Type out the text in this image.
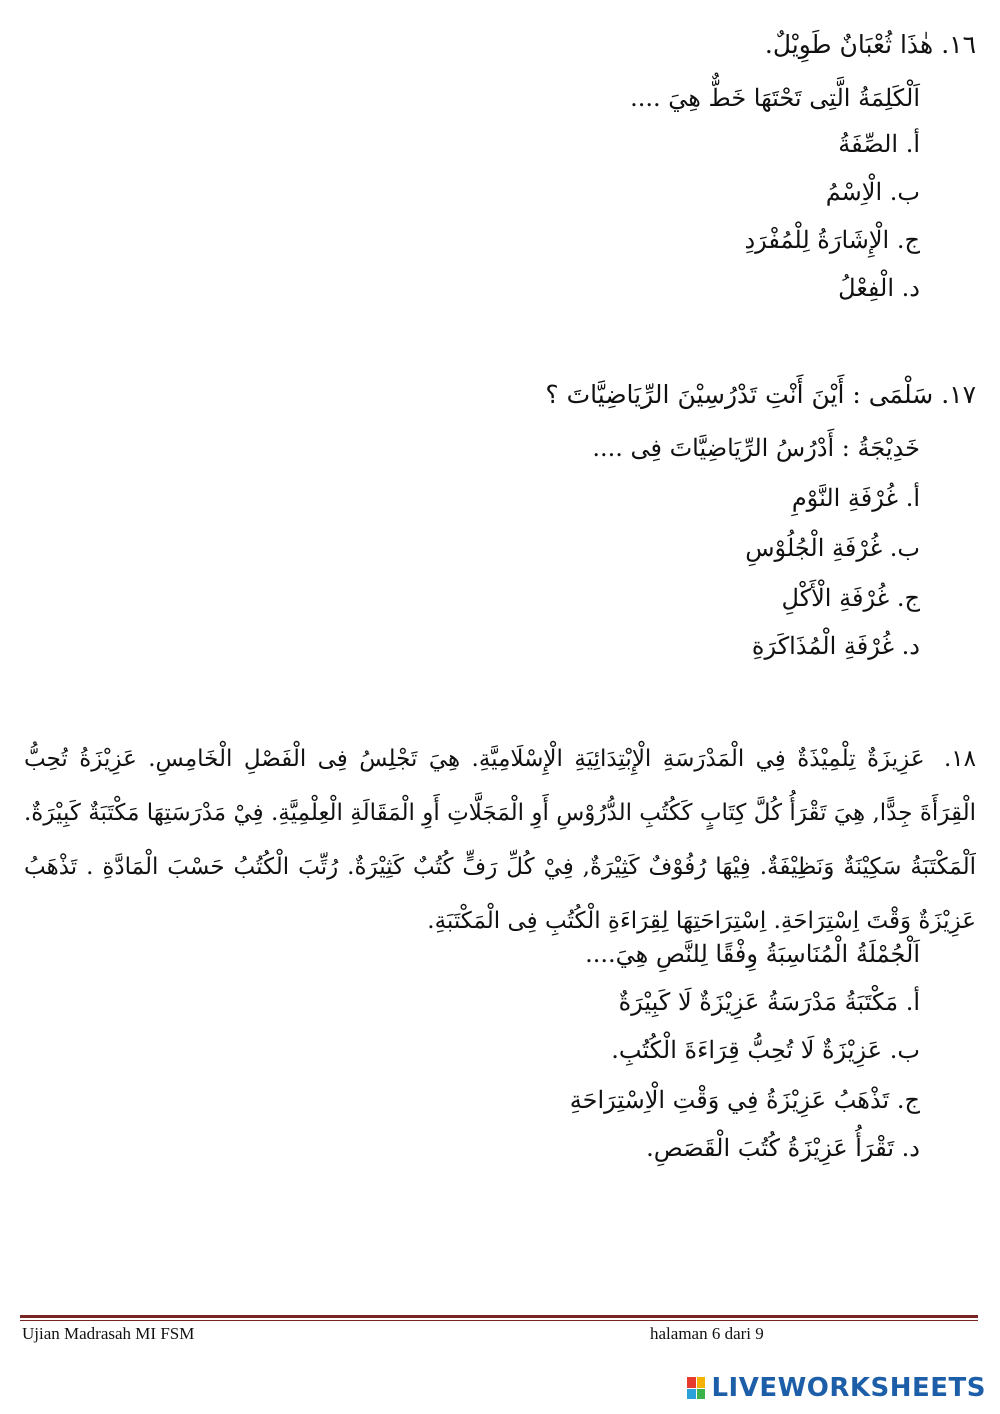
١٦. هٰذَا ثُعْبَانٌ طَوِيْلٌ.
اَلْكَلِمَةُ الَّتِى تَحْتَهَا خَطٌّ هِيَ ....
أ. الصِّفَةُ
ب. الْاِسْمُ
ج. الْإِشَارَةُ لِلْمُفْرَدِ
د. الْفِعْلُ
١٧. سَلْمَى : أَيْنَ أَنْتِ تَدْرُسِيْنَ الرِّيَاضِيَّاتَ ؟
خَدِيْجَةُ : أَدْرُسُ الرِّيَاضِيَّاتَ فِى ....
أ. غُرْفَةِ النَّوْمِ
ب. غُرْفَةِ الْجُلُوْسِ
ج. غُرْفَةِ الْأَكْلِ
د. غُرْفَةِ الْمُذَاكَرَةِ
١٨. عَزِيزَةٌ تِلْمِيْذَةٌ فِي الْمَدْرَسَةِ الْإِبْتِدَائِيَةِ الْإِسْلَامِيَّةِ. هِيَ تَجْلِسُ فِى الْفَصْلِ الْخَامِسِ. عَزِيْزَةُ تُحِبُّ الْقِرَأَةَ جِدًّا, هِيَ تَقْرَأُ كُلَّ كِتَابٍ كَكُتُبِ الدُّرُوْسِ أَوِ الْمَجَلَّاتِ أَوِ الْمَقَالَةِ الْعِلْمِيَّةِ. فِيْ مَدْرَسَتِهَا مَكْتَبَةٌ كَبِيْرَةٌ. اَلْمَكْتَبَةُ سَكِيْنَةٌ وَنَظِيْفَةٌ. فِيْهَا رُفُوْفٌ كَثِيْرَةٌ, فِيْ كُلِّ رَفٍّ كُتُبٌ كَثِيْرَةٌ. رُتِّبَ الْكُتُبُ حَسْبَ الْمَادَّةِ . تَذْهَبُ عَزِيْزَةٌ وَقْتَ اِسْتِرَاحَةِ. اِسْتِرَاحَتِهَا لِقِرَاءَةِ الْكُتُبِ فِى الْمَكْتَبَةِ.
اَلْجُمْلَةُ الْمُنَاسِبَةُ وِفْقًا لِلنَّصِ هِيَ....
أ. مَكْتَبَةُ مَدْرَسَةُ عَزِيْزَةٌ لَا كَبِيْرَةٌ
ب. عَزِيْزَةٌ لَا تُحِبُّ قِرَاءَةَ الْكُتُبِ.
ج. تَذْهَبُ عَزِيْزَةُ فِي وَقْتِ الْاِسْتِرَاحَةِ
د. تَقْرَأُ عَزِيْزَةُ كُتُبَ الْقَصَصِ.
Ujian Madrasah MI FSM	halaman 6 dari 9
LIVEWORKSHEETS
